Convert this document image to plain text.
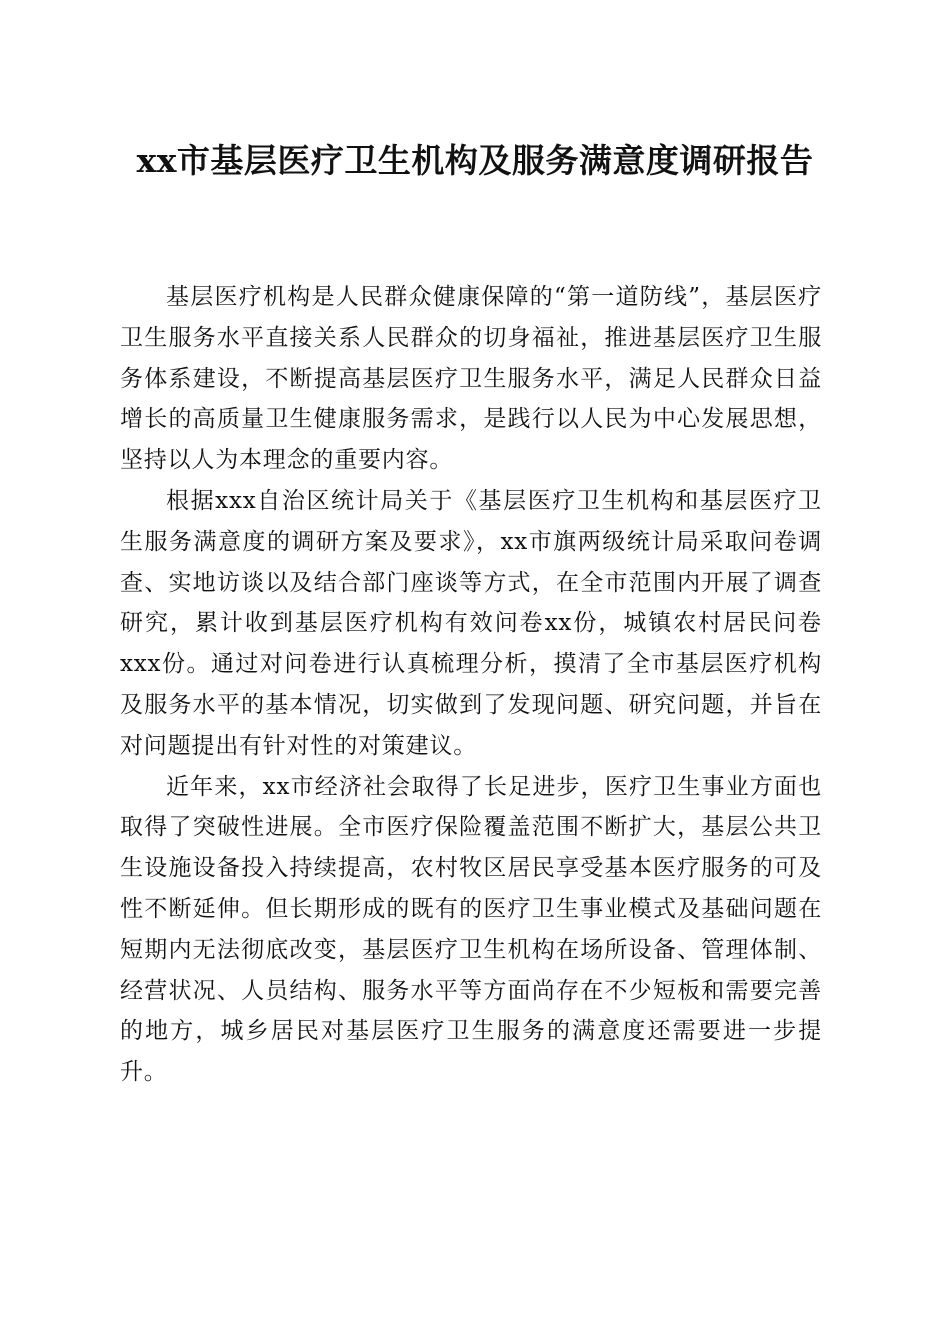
xx市基层医疗卫生机构及服务满意度调研报告

基层医疗机构是人民群众健康保障的“第一道防线”，基层医疗卫生服务水平直接关系人民群众的切身福祉，推进基层医疗卫生服务体系建设，不断提高基层医疗卫生服务水平，满足人民群众日益增长的高质量卫生健康服务需求，是践行以人民为中心发展思想，坚持以人为本理念的重要内容。

根据xxx自治区统计局关于《基层医疗卫生机构和基层医疗卫生服务满意度的调研方案及要求》，xx市旗两级统计局采取问卷调查、实地访谈以及结合部门座谈等方式，在全市范围内开展了调查研究，累计收到基层医疗机构有效问卷xx份，城镇农村居民问卷xxx份。通过对问卷进行认真梳理分析，摸清了全市基层医疗机构及服务水平的基本情况，切实做到了发现问题、研究问题，并旨在对问题提出有针对性的对策建议。

近年来，xx市经济社会取得了长足进步，医疗卫生事业方面也取得了突破性进展。全市医疗保险覆盖范围不断扩大，基层公共卫生设施设备投入持续提高，农村牧区居民享受基本医疗服务的可及性不断延伸。但长期形成的既有的医疗卫生事业模式及基础问题在短期内无法彻底改变，基层医疗卫生机构在场所设备、管理体制、经营状况、人员结构、服务水平等方面尚存在不少短板和需要完善的地方，城乡居民对基层医疗卫生服务的满意度还需要进一步提升。
